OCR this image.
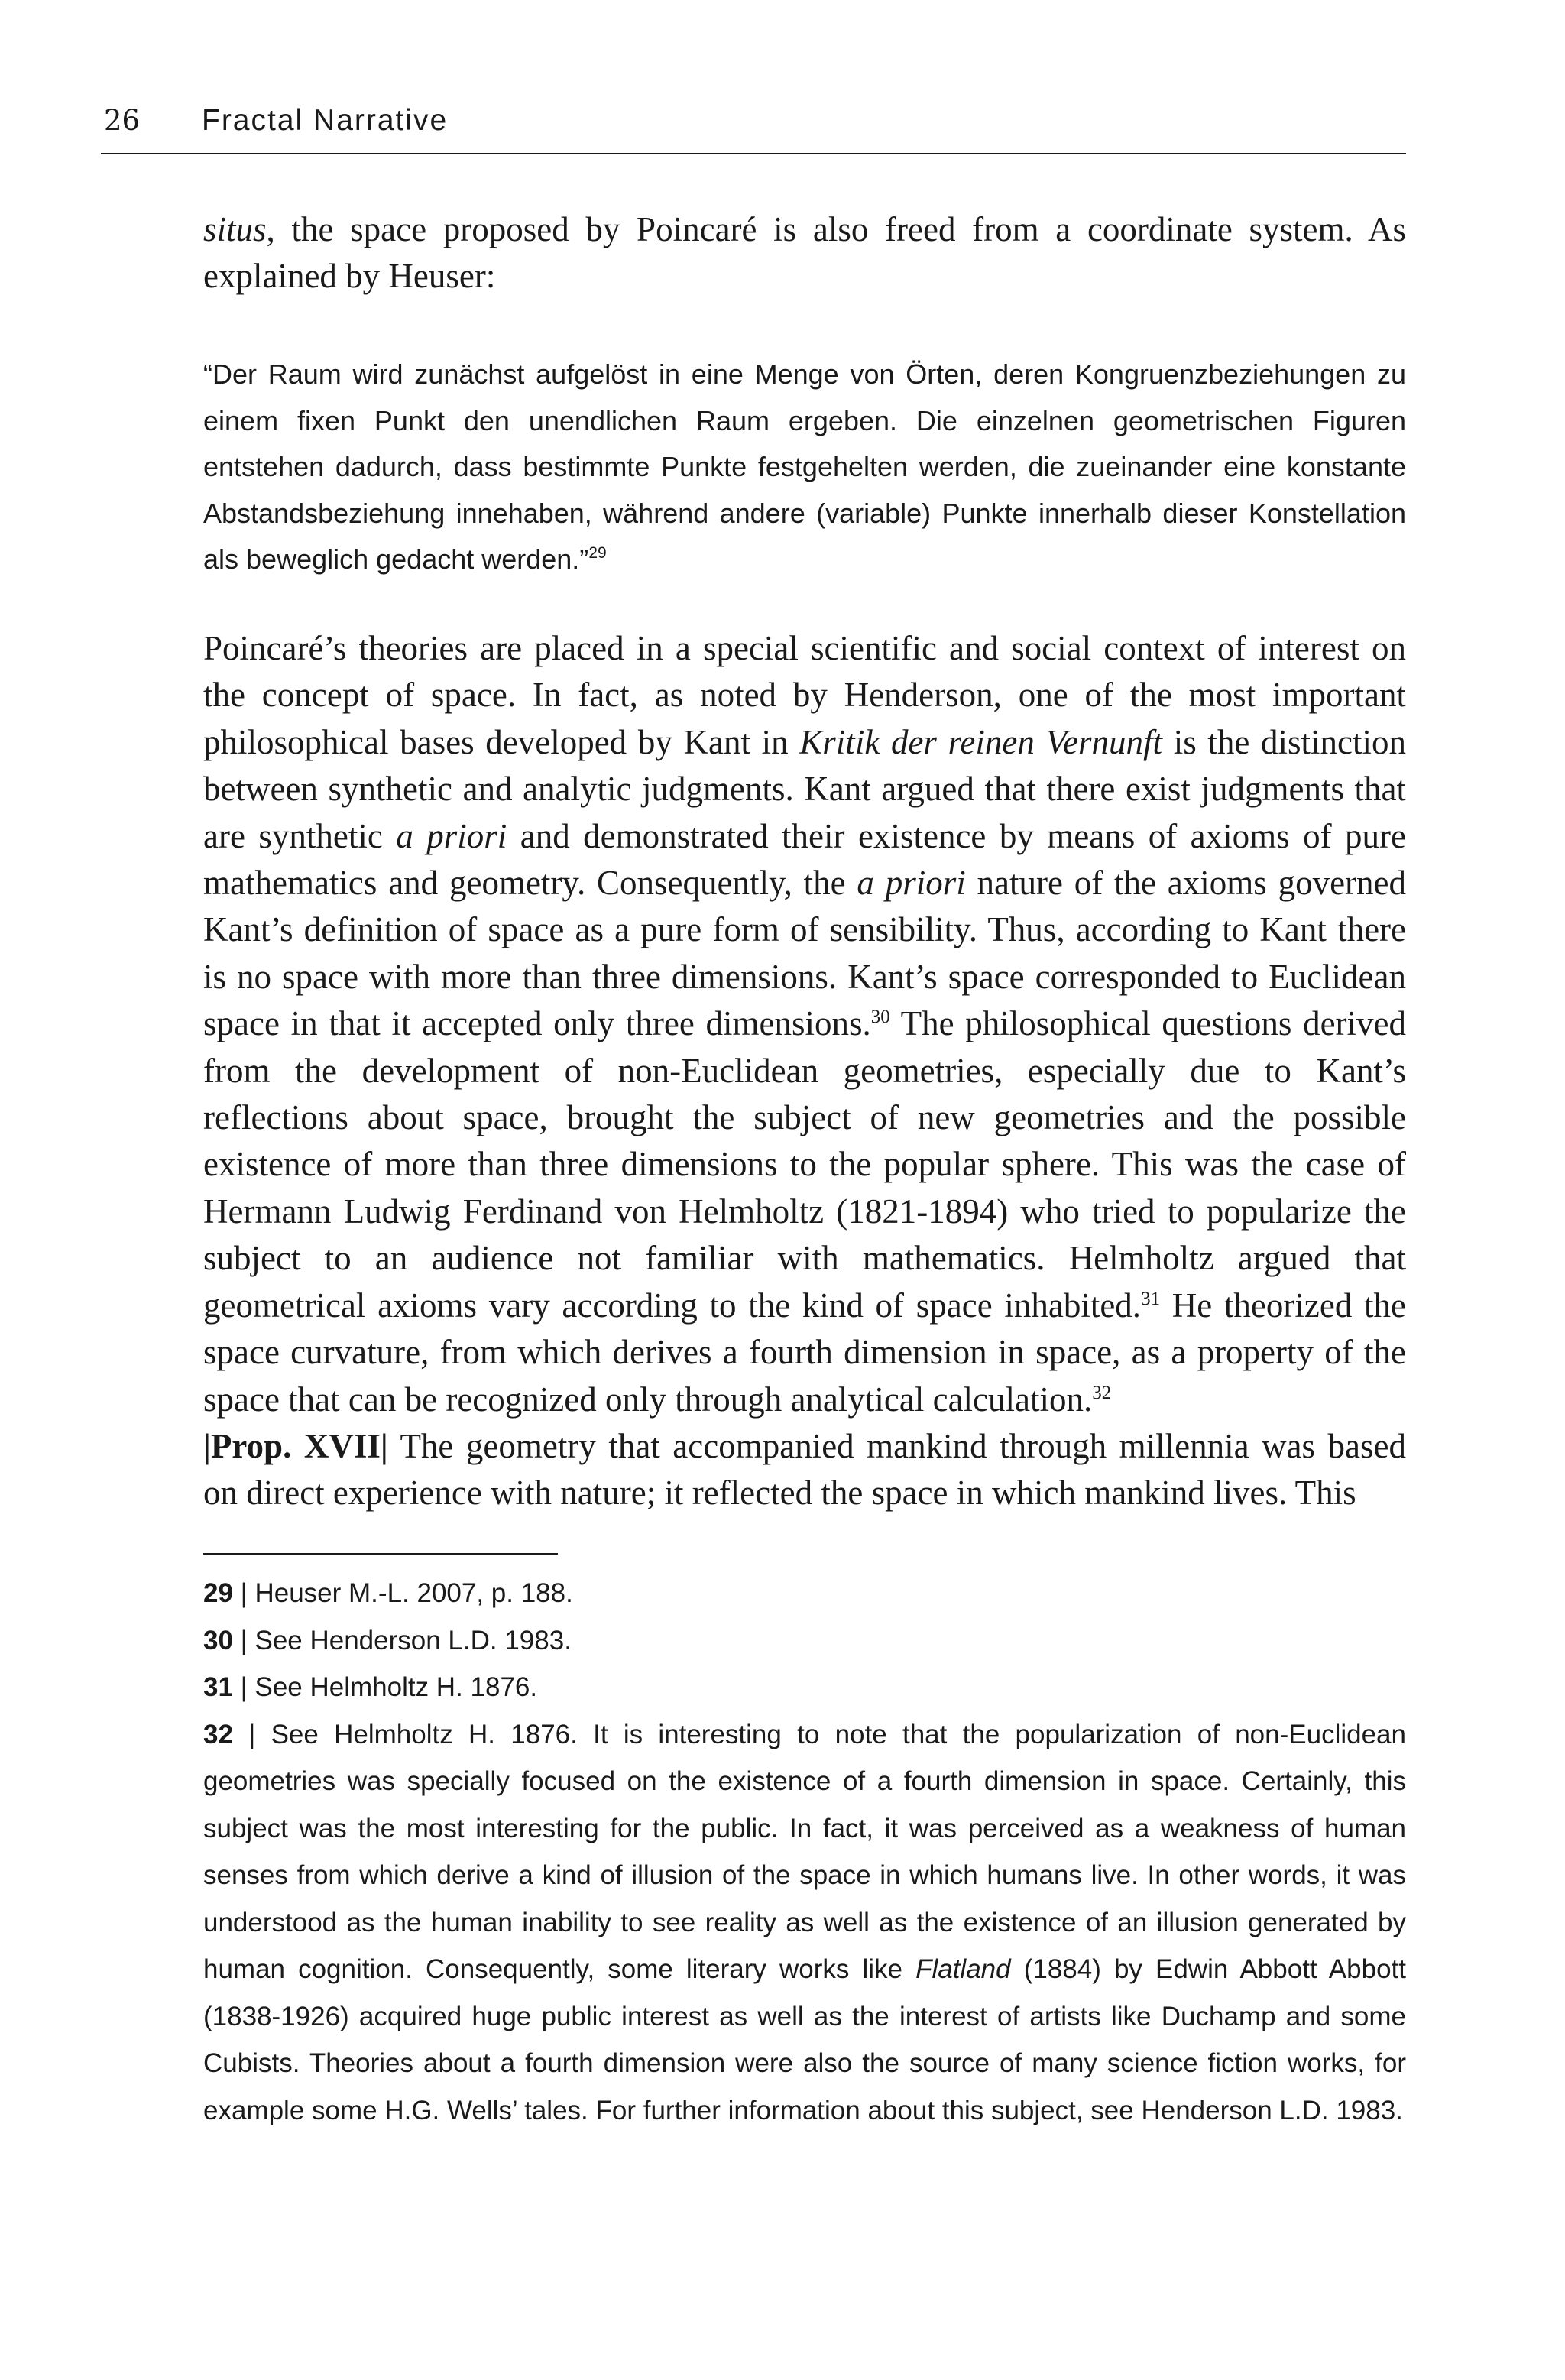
26 Fractal Narrative

situs, the space proposed by Poincaré is also freed from a coordinate system. As explained by Heuser:

“Der Raum wird zunächst aufgelöst in eine Menge von Örten, deren Kongruenzbeziehungen zu einem fixen Punkt den unendlichen Raum ergeben. Die einzelnen geometrischen Figuren entstehen dadurch, dass bestimmte Punkte festgehelten werden, die zueinander eine konstante Abstandsbeziehung innehaben, während andere (variable) Punkte innerhalb dieser Konstellation als beweglich gedacht werden.”$^{29}$

Poincaré’s theories are placed in a special scientific and social context of interest on the concept of space. In fact, as noted by Henderson, one of the most important philosophical bases developed by Kant in Kritik der reinen Vernunft is the distinction between synthetic and analytic judgments. Kant argued that there exist judgments that are synthetic a priori and demonstrated their existence by means of axioms of pure mathematics and geometry. Consequently, the a priori nature of the axioms governed Kant’s definition of space as a pure form of sensibility. Thus, according to Kant there is no space with more than three dimensions. Kant’s space corresponded to Euclidean space in that it accepted only three dimensions.$^{30}$ The philosophical questions derived from the development of non-Euclidean geometries, especially due to Kant’s reflections about space, brought the subject of new geometries and the possible existence of more than three dimensions to the popular sphere. This was the case of Hermann Ludwig Ferdinand von Helmholtz (1821-1894) who tried to popularize the subject to an audience not familiar with mathematics. Helmholtz argued that geometrical axioms vary according to the kind of space inhabited.$^{31}$ He theorized the space curvature, from which derives a fourth dimension in space, as a property of the space that can be recognized only through analytical calculation.$^{32}$

|Prop. XVII| The geometry that accompanied mankind through millennia was based on direct experience with nature; it reflected the space in which mankind lives. This

29 | Heuser M.-L. 2007, p. 188.

30 | See Henderson L.D. 1983.

31 | See Helmholtz H. 1876.

32 | See Helmholtz H. 1876. It is interesting to note that the popularization of non-Euclidean geometries was specially focused on the existence of a fourth dimension in space. Certainly, this subject was the most interesting for the public. In fact, it was perceived as a weakness of human senses from which derive a kind of illusion of the space in which humans live. In other words, it was understood as the human inability to see reality as well as the existence of an illusion generated by human cognition. Consequently, some literary works like Flatland (1884) by Edwin Abbott Abbott (1838-1926) acquired huge public interest as well as the interest of artists like Duchamp and some Cubists. Theories about a fourth dimension were also the source of many science fiction works, for example some H.G. Wells’ tales. For further information about this subject, see Henderson L.D. 1983.
